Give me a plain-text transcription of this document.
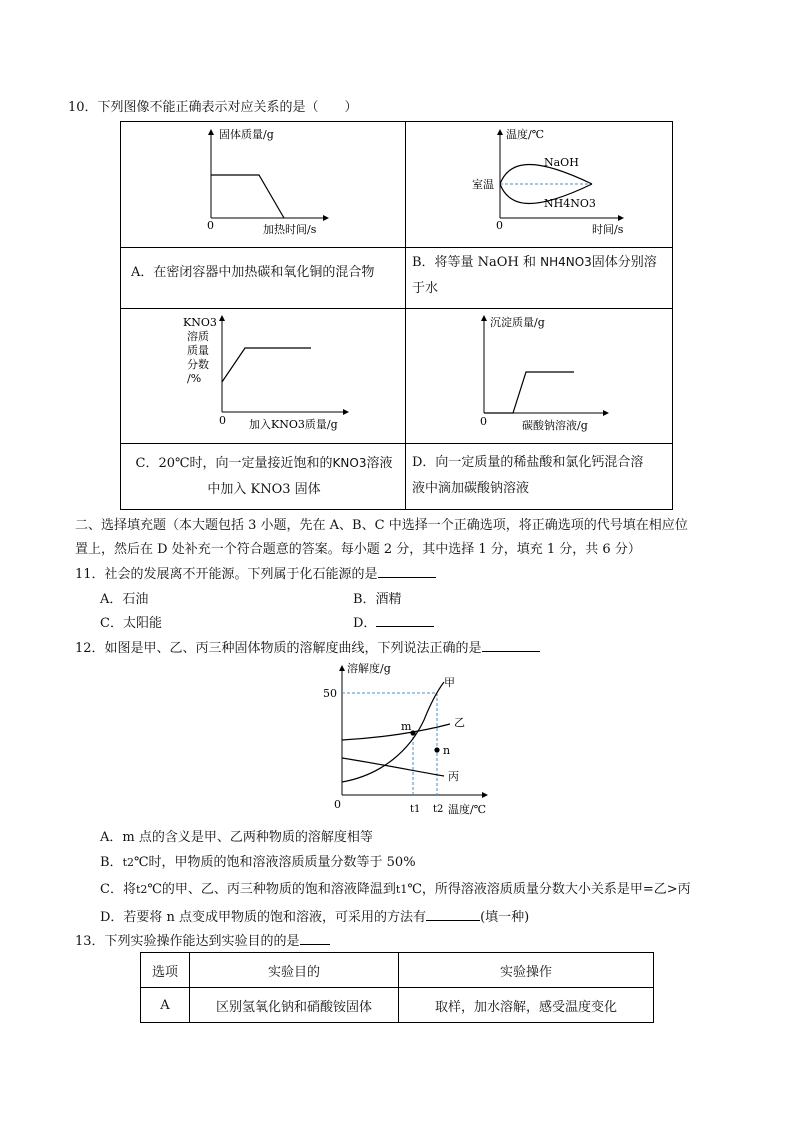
10．下列图像不能正确表示对应关系的是（　　）
固体质量/g
加热时间/s
0
温度/℃
时间/s
0
室温
NaOH
NH4NO3
A．在密闭容器中加热碳和氧化铜的混合物
B．将等量 NaOH 和 NH4NO3固体分别溶
于水
KNO3
溶质
质量
分数
/%
加入KNO3质量/g
0
沉淀质量/g
碳酸钠溶液/g
0
C．20℃时，向一定量接近饱和的KNO3溶液
中加入 KNO3 固体
D．向一定质量的稀盐酸和氯化钙混合溶
液中滴加碳酸钠溶液
二、选择填充题（本大题包括 3 小题，先在 A、B、C 中选择一个正确选项，将正确选项的代号填在相应位
置上，然后在 D 处补充一个符合题意的答案。每小题 2 分，其中选择 1 分，填充 1 分，共 6 分）
11．社会的发展离不开能源。下列属于化石能源的是
A．石油	B．酒精
C．太阳能	D．
12．如图是甲、乙、丙三种固体物质的溶解度曲线，下列说法正确的是
溶解度/g
50
0	温度/℃
t1 t2
甲
乙
丙
m
n
A．m 点的含义是甲、乙两种物质的溶解度相等
B．t2℃时，甲物质的饱和溶液溶质质量分数等于 50%
C．将t2℃的甲、乙、丙三种物质的饱和溶液降温到t1℃，所得溶液溶质质量分数大小关系是甲=乙>丙
D．若要将 n 点变成甲物质的饱和溶液，可采用的方法有	(填一种)
13．下列实验操作能达到实验目的的是
选项	实验目的	实验操作
A	区别氢氧化钠和硝酸铵固体	取样，加水溶解，感受温度变化
